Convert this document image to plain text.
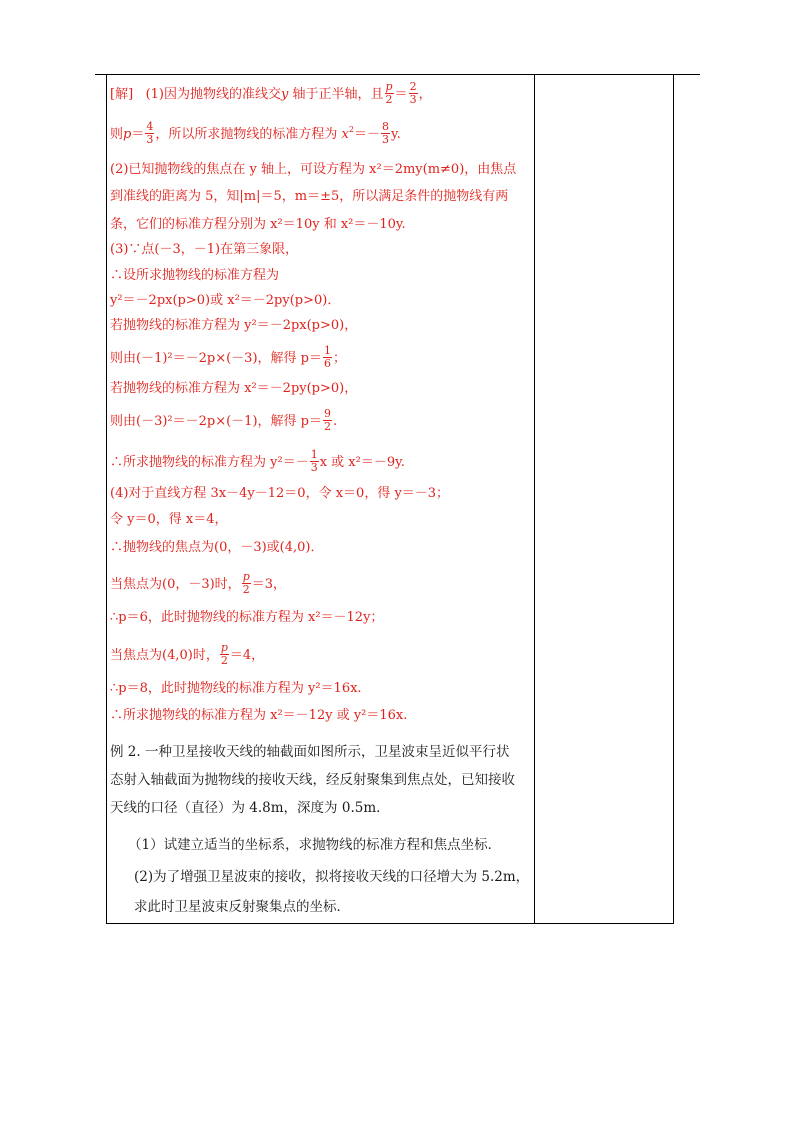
[解] (1)因为抛物线的准线交y 轴于正半轴，且 $\frac{p}{2} = \frac{2}{3}$ ，
则$p= \frac{4}{3}$ ，所以所求抛物线的标准方程为 $x^2=- \frac{8}{3} y$.
(2)已知抛物线的焦点在 y 轴上，可设方程为 x²＝2my(m≠0)，由焦点
到准线的距离为 5，知|m|＝5，m＝±5，所以满足条件的抛物线有两
条，它们的标准方程分别为 x²＝10y 和 x²＝－10y.
(3)∵点(－3，－1)在第三象限，
∴设所求抛物线的标准方程为
y²＝－2px(p>0)或 x²＝－2py(p>0)．
若抛物线的标准方程为 y²＝－2px(p>0)，
则由(－1)²＝－2p×(－3)，解得 $p= \frac{1}{6}$ ；
若抛物线的标准方程为 x²＝－2py(p>0)，
则由(－3)²＝－2p×(－1)，解得 $p= \frac{9}{2}$ .
∴所求抛物线的标准方程为 $y^2=- \frac{1}{3}$ x 或 x²＝－9y.
(4)对于直线方程 3x－4y－12＝0，令 x＝0，得 y＝－3；
令 y＝0，得 x＝4，
∴抛物线的焦点为(0，－3)或(4,0)．
当焦点为(0，－3)时， $\frac{p}{2} =3$，
∴p＝6，此时抛物线的标准方程为 x²＝－12y；
当焦点为(4,0)时， $\frac{p}{2} =4$，
∴p＝8，此时抛物线的标准方程为 y²＝16x.
∴所求抛物线的标准方程为 x²＝－12y 或 y²＝16x.
例 2. 一种卫星接收天线的轴截面如图所示，卫星波束呈近似平行状
态射入轴截面为抛物线的接收天线，经反射聚集到焦点处，已知接收
天线的口径（直径）为 4.8m，深度为 0.5m．
（1）试建立适当的坐标系，求抛物线的标准方程和焦点坐标．
(2)为了增强卫星波束的接收，拟将接收天线的口径增大为 5.2m，
求此时卫星波束反射聚集点的坐标．
